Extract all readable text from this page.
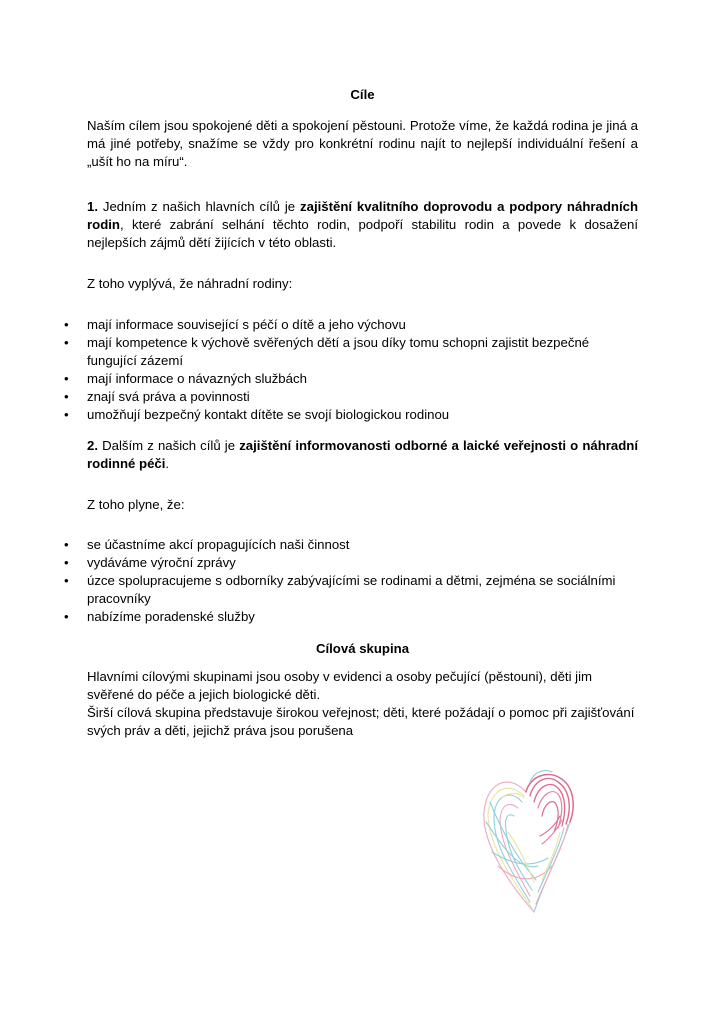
Cíle

Naším cílem jsou spokojené děti a spokojení pěstouni. Protože víme, že každá rodina je jiná a má jiné potřeby, snažíme se vždy pro konkrétní rodinu najít to nejlepší individuální řešení a „ušít ho na míru“.

1. Jedním z našich hlavních cílů je zajištění kvalitního doprovodu a podpory náhradních rodin, které zabrání selhání těchto rodin, podpoří stabilitu rodin a povede k dosažení nejlepších zájmů dětí žijících v této oblasti.

Z toho vyplývá, že náhradní rodiny:

• mají informace související s péčí o dítě a jeho výchovu
• mají kompetence k výchově svěřených dětí a jsou díky tomu schopni zajistit bezpečné fungující zázemí
• mají informace o návazných službách
• znají svá práva a povinnosti
• umožňují bezpečný kontakt dítěte se svojí biologickou rodinou

2. Dalším z našich cílů je zajištění informovanosti odborné a laické veřejnosti o náhradní rodinné péči.

Z toho plyne, že:

• se účastníme akcí propagujících naši činnost
• vydáváme výroční zprávy
• úzce spolupracujeme s odborníky zabývajícími se rodinami a dětmi, zejména se sociálními pracovníky
• nabízíme poradenské služby
Cílová skupina

Hlavními cílovými skupinami jsou osoby v evidenci a osoby pečující (pěstouni), děti jim svěřené do péče a jejich biologické děti.

Širší cílová skupina představuje širokou veřejnost; děti, které požádají o pomoc při zajišťování svých práv a děti, jejichž práva jsou porušena
